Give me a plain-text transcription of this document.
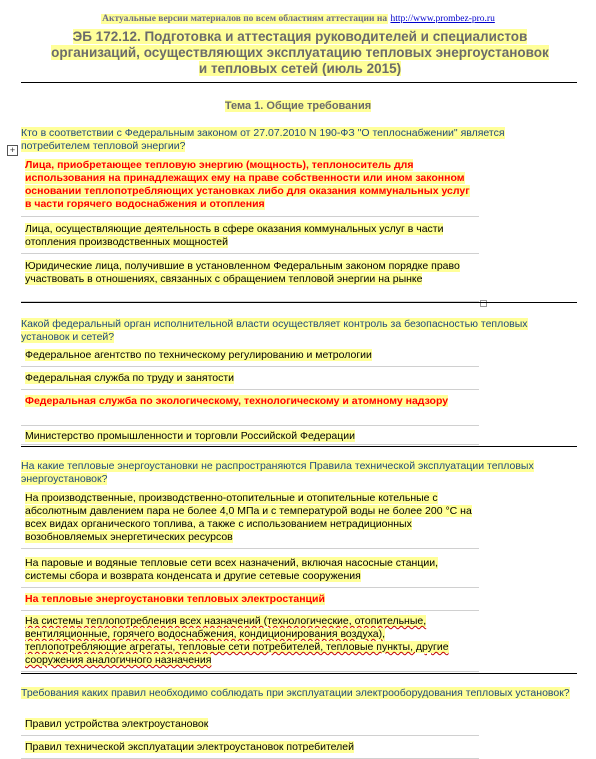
Актуальные версии материалов по всем областиям аттестации на http://www.prombez-pro.ru
ЭБ 172.12. Подготовка и аттестация руководителей и специалистов
организаций, осуществляющих эксплуатацию тепловых энергоустановок
и тепловых сетей (июль 2015)
Тема 1. Общие требования
+
Кто в соответствии с Федеральным законом от 27.07.2010 N 190-ФЗ "О теплоснабжении" является потребителем тепловой энергии?
Лица, приобретающее тепловую энергию (мощность), теплоноситель для использования на принадлежащих ему на праве собственности или ином законном основании теплопотребляющих установках либо для оказания коммунальных услуг в части горячего водоснабжения и отопления
Лица, осуществляющие деятельность в сфере оказания коммунальных услуг в части отопления производственных мощностей
Юридические лица, получившие в установленном Федеральным законом порядке право участвовать в отношениях, связанных с обращением тепловой энергии на рынке
Какой федеральный орган исполнительной власти осуществляет контроль за безопасностью тепловых установок и сетей?
Федеральное агентство по техническому регулированию и метрологии
Федеральная служба по труду и занятости
Федеральная служба по экологическому, технологическому и атомному надзору
Министерство промышленности и торговли Российской Федерации
На какие тепловые энергоустановки не распространяются Правила технической эксплуатации тепловых энергоустановок?
На производственные, производственно-отопительные и отопительные котельные с абсолютным давлением пара не более 4,0 МПа и с температурой воды не более 200 °С на всех видах органического топлива, а также с использованием нетрадиционных возобновляемых энергетических ресурсов
На паровые и водяные тепловые сети всех назначений, включая насосные станции, системы сбора и возврата конденсата и другие сетевые сооружения
На тепловые энергоустановки тепловых электростанций
На системы теплопотребления всех назначений (технологические, отопительные, вентиляционные, горячего водоснабжения, кондиционирования воздуха), теплопотребляющие агрегаты, тепловые сети потребителей, тепловые пункты, другие сооружения аналогичного назначения
Требования каких правил необходимо соблюдать при эксплуатации электрооборудования тепловых установок?
Правил устройства электроустановок
Правил технической эксплуатации электроустановок потребителей
